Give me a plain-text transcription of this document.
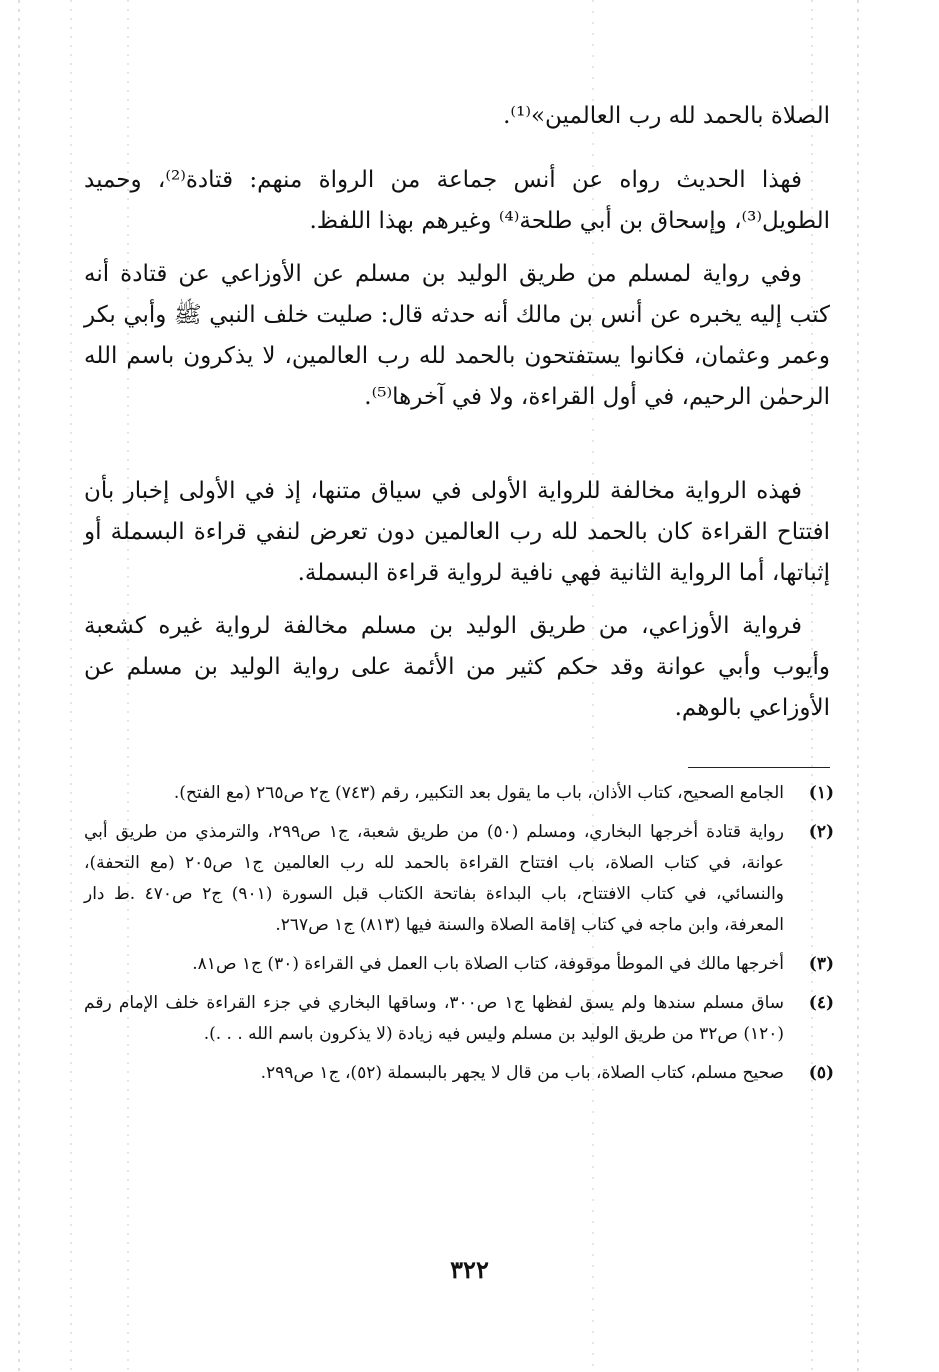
الصلاة بالحمد لله رب العالمين»⁽¹⁾.

فهذا الحديث رواه عن أنس جماعة من الرواة منهم: قتادة⁽²⁾، وحميد الطويل⁽³⁾، وإسحاق بن أبي طلحة⁽⁴⁾ وغيرهم بهذا اللفظ.

وفي رواية لمسلم من طريق الوليد بن مسلم عن الأوزاعي عن قتادة أنه كتب إليه يخبره عن أنس بن مالك أنه حدثه قال: صليت خلف النبي ﷺ وأبي بكر وعمر وعثمان، فكانوا يستفتحون بالحمد لله رب العالمين، لا يذكرون باسم الله الرحمٰن الرحيم، في أول القراءة، ولا في آخرها⁽⁵⁾.

فهذه الرواية مخالفة للرواية الأولى في سياق متنها، إذ في الأولى إخبار بأن افتتاح القراءة كان بالحمد لله رب العالمين دون تعرض لنفي قراءة البسملة أو إثباتها، أما الرواية الثانية فهي نافية لرواية قراءة البسملة.

فرواية الأوزاعي، من طريق الوليد بن مسلم مخالفة لرواية غيره كشعبة وأيوب وأبي عوانة وقد حكم كثير من الأئمة على رواية الوليد بن مسلم عن الأوزاعي بالوهم.

(١)
الجامع الصحيح، كتاب الأذان، باب ما يقول بعد التكبير، رقم (٧٤٣) ج٢ ص٢٦٥ (مع الفتح).
(٢)
رواية قتادة أخرجها البخاري، ومسلم (٥٠) من طريق شعبة، ج١ ص٢٩٩، والترمذي من طريق أبي عوانة، في كتاب الصلاة، باب افتتاح القراءة بالحمد لله رب العالمين ج١ ص٢٠٥ (مع التحفة)، والنسائي، في كتاب الافتتاح، باب البداءة بفاتحة الكتاب قبل السورة (٩٠١) ج٢ ص٤٧٠ .ط دار المعرفة، وابن ماجه في كتاب إقامة الصلاة والسنة فيها (٨١٣) ج١ ص٢٦٧.
(٣)
أخرجها مالك في الموطأ موقوفة، كتاب الصلاة باب العمل في القراءة (٣٠) ج١ ص٨١.
(٤)
ساق مسلم سندها ولم يسق لفظها ج١ ص٣٠٠، وساقها البخاري في جزء القراءة خلف الإمام رقم (١٢٠) ص٣٢ من طريق الوليد بن مسلم وليس فيه زيادة (لا يذكرون باسم الله . . .).
(٥)
صحيح مسلم، كتاب الصلاة، باب من قال لا يجهر بالبسملة (٥٢)، ج١ ص٢٩٩.
٣٢٢
